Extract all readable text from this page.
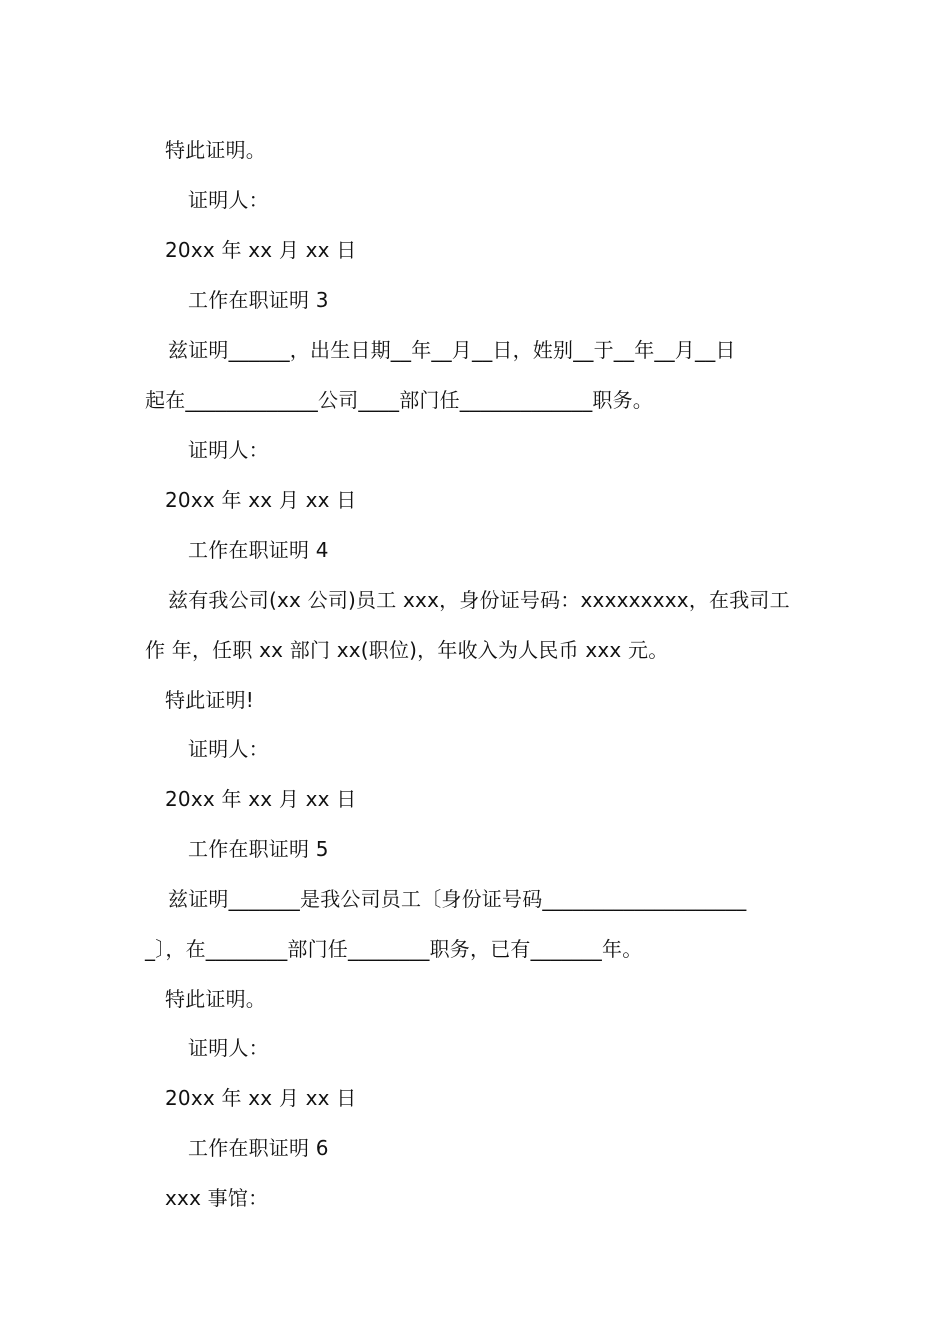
特此证明。
证明人：
20xx 年 xx 月 xx 日
工作在职证明 3
兹证明______，出生日期__年__月__日，姓别__于__年__月__日
起在_____________公司____部门任_____________职务。
证明人：
20xx 年 xx 月 xx 日
工作在职证明 4
兹有我公司(xx 公司)员工 xxx，身份证号码：xxxxxxxxx，在我司工
作 年，任职 xx 部门 xx(职位)，年收入为人民币 xxx 元。
特此证明!
证明人：
20xx 年 xx 月 xx 日
工作在职证明 5
兹证明_______是我公司员工〔身份证号码____________________
_〕，在________部门任________职务，已有_______年。
特此证明。
证明人：
20xx 年 xx 月 xx 日
工作在职证明 6
xxx 事馆：
